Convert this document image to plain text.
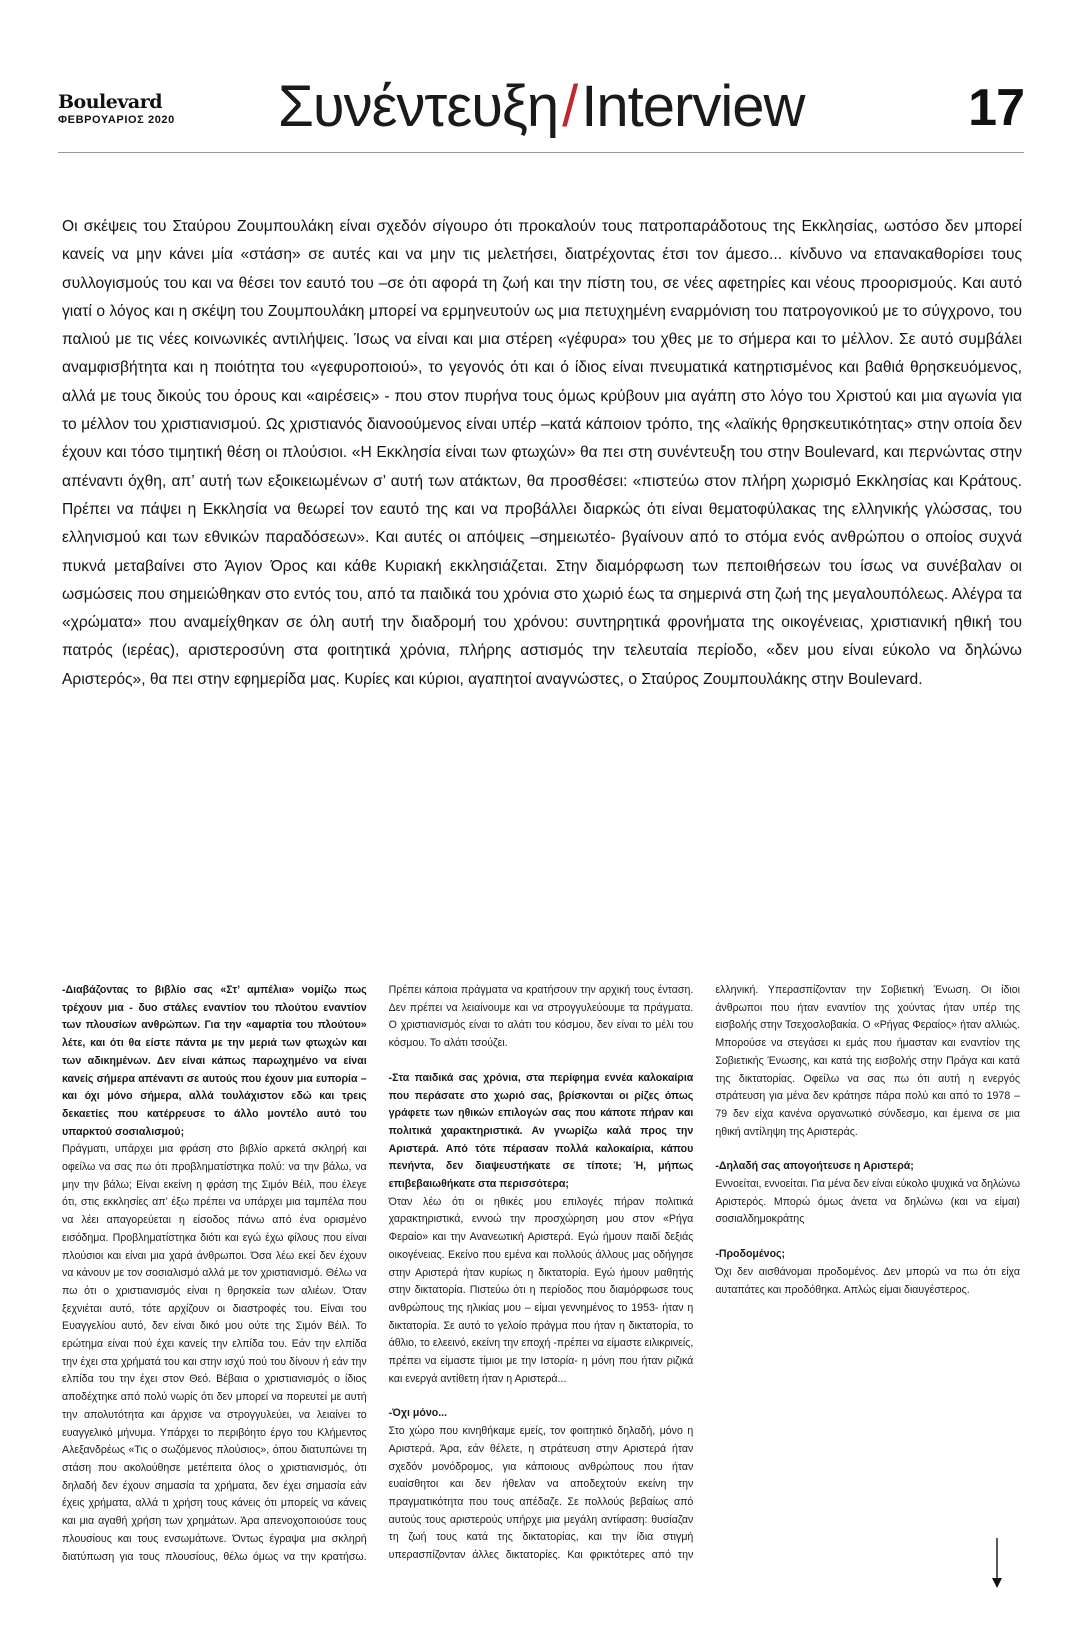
Boulevard
ΦΕΒΡΟΥΑΡΙΟΣ 2020	Συνέντευξη/Interview	17

Οι σκέψεις του Σταύρου Ζουμπουλάκη είναι σχεδόν σίγουρο ότι προκαλούν τους πατροπαράδοτους της Εκκλησίας, ωστόσο δεν μπορεί κανείς να μην κάνει μία «στάση» σε αυτές και να μην τις μελετήσει, διατρέχοντας έτσι τον άμεσο... κίνδυνο να επανακαθορίσει τους συλλογισμούς του και να θέσει τον εαυτό του –σε ότι αφορά τη ζωή και την πίστη του, σε νέες αφετηρίες και νέους προορισμούς. Και αυτό γιατί ο λόγος και η σκέψη του Ζουμπουλάκη μπορεί να ερμηνευτούν ως μια πετυχημένη εναρμόνιση του πατρογονικού με το σύγχρονο, του παλιού με τις νέες κοινωνικές αντιλήψεις. Ίσως να είναι και μια στέρεη «γέφυρα» του χθες με το σήμερα και το μέλλον. Σε αυτό συμβάλει αναμφισβήτητα και η ποιότητα του «γεφυροποιού», το γεγονός ότι και ό ίδιος είναι πνευματικά κατηρτισμένος και βαθιά θρησκευόμενος, αλλά με τους δικούς του όρους και «αιρέσεις» - που στον πυρήνα τους όμως κρύβουν μια αγάπη στο λόγο του Χριστού και μια αγωνία για το μέλλον του χριστιανισμού. Ως χριστιανός διανοούμενος είναι υπέρ –κατά κάποιον τρόπο, της «λαϊκής θρησκευτικότητας» στην οποία δεν έχουν και τόσο τιμητική θέση οι πλούσιοι. «Η Εκκλησία είναι των φτωχών» θα πει στη συνέντευξη του στην Boulevard, και περνώντας στην απέναντι όχθη, απ’ αυτή των εξοικειωμένων σ’ αυτή των ατάκτων, θα προσθέσει: «πιστεύω στον πλήρη χωρισμό Εκκλησίας και Κράτους. Πρέπει να πάψει η Εκκλησία να θεωρεί τον εαυτό της και να προβάλλει διαρκώς ότι είναι θεματοφύλακας της ελληνικής γλώσσας, του ελληνισμού και των εθνικών παραδόσεων». Και αυτές οι απόψεις –σημειωτέο- βγαίνουν από το στόμα ενός ανθρώπου ο οποίος συχνά πυκνά μεταβαίνει στο Άγιον Όρος και κάθε Κυριακή εκκλησιάζεται. Στην διαμόρφωση των πεποιθήσεων του ίσως να συνέβαλαν οι ωσμώσεις που σημειώθηκαν στο εντός του, από τα παιδικά του χρόνια στο χωριό έως τα σημερινά στη ζωή της μεγαλουπόλεως. Αλέγρα τα «χρώματα» που αναμείχθηκαν σε όλη αυτή την διαδρομή του χρόνου: συντηρητικά φρονήματα της οικογένειας, χριστιανική ηθική του πατρός (ιερέας), αριστεροσύνη στα φοιτητικά χρόνια, πλήρης αστισμός την τελευταία περίοδο, «δεν μου είναι εύκολο να δηλώνω Αριστερός», θα πει στην εφημερίδα μας. Κυρίες και κύριοι, αγαπητοί αναγνώστες, ο Σταύρος Ζουμπουλάκης στην Boulevard.

-Διαβάζοντας το βιβλίο σας «Στ’ αμπέλια» νομίζω πως τρέχουν μια - δυο στάλες εναντίον του πλούτου εναντίον των πλουσίων ανθρώπων. Για την «αμαρτία του πλούτου» λέτε, και ότι θα είστε πάντα με την μεριά των φτωχών και των αδικημένων. Δεν είναι κάπως παρωχημένο να είναι κανείς σήμερα απέναντι σε αυτούς που έχουν μια ευπορία –και όχι μόνο σήμερα, αλλά τουλάχιστον εδώ και τρεις δεκαετίες που κατέρρευσε το άλλο μοντέλο αυτό του υπαρκτού σοσιαλισμού;

Πράγματι, υπάρχει μια φράση στο βιβλίο αρκετά σκληρή και οφείλω να σας πω ότι προβληματίστηκα πολύ: να την βάλω, να μην την βάλω; Είναι εκείνη η φράση της Σιμόν Βέιλ, που έλεγε ότι, στις εκκλησίες απ’ έξω πρέπει να υπάρχει μια ταμπέλα που να λέει απαγορεύεται η είσοδος πάνω από ένα ορισμένο εισόδημα. Προβληματίστηκα διότι και εγώ έχω φίλους που είναι πλούσιοι και είναι μια χαρά άνθρωποι. Όσα λέω εκεί δεν έχουν να κάνουν με τον σοσιαλισμό αλλά με τον χριστιανισμό. Θέλω να πω ότι ο χριστιανισμός είναι η θρησκεία των αλιέων. Όταν ξεχνιέται αυτό, τότε αρχίζουν οι διαστροφές του. Είναι του Ευαγγελίου αυτό, δεν είναι δικό μου ούτε της Σιμόν Βέιλ. Το ερώτημα είναι πού έχει κανείς την ελπίδα του. Εάν την ελπίδα την έχει στα χρήματά του και στην ισχύ πού του δίνουν ή εάν την ελπίδα του την έχει στον Θεό. Βέβαια ο χριστιανισμός ο ίδιος αποδέχτηκε από πολύ νωρίς ότι δεν μπορεί να πορευτεί με αυτή την απολυτότητα και άρχισε να στρογγυλεύει, να λειαίνει το ευαγγελικό μήνυμα. Υπάρχει το περιβόητο έργο του Κλήμεντος Αλεξανδρέως «Τις ο σωζόμενος πλούσιος», όπου διατυπώνει τη στάση που ακολούθησε μετέπειτα όλος ο χριστιανισμός, ότι δηλαδή δεν έχουν σημασία τα χρήματα, δεν έχει σημασία εάν έχεις χρήματα, αλλά τι χρήση τους κάνεις ότι μπορείς να κάνεις και μια αγαθή χρήση των χρημάτων. Άρα απενοχοποιούσε τους πλουσίους και τους ενσωμάτωνε. Όντως έγραψα μια σκληρή διατύπωση για τους πλουσίους, θέλω όμως να την κρατήσω. Πρέπει κάποια πράγματα να κρατήσουν την αρχική τους ένταση. Δεν πρέπει να λειαίνουμε και να στρογγυλεύουμε τα πράγματα. Ο χριστιανισμός είναι το αλάτι του κόσμου, δεν είναι το μέλι του κόσμου. Το αλάτι τσούζει.

-Στα παιδικά σας χρόνια, στα περίφημα εννέα καλοκαίρια που περάσατε στο χωριό σας, βρίσκονται οι ρίζες όπως γράφετε των ηθικών επιλογών σας που κάποτε πήραν και πολιτικά χαρακτηριστικά. Αν γνωρίζω καλά προς την Αριστερά. Από τότε πέρασαν πολλά καλοκαίρια, κάπου πενήντα, δεν διαψευστήκατε σε τίποτε; Ή, μήπως επιβεβαιωθήκατε στα περισσότερα;

Όταν λέω ότι οι ηθικές μου επιλογές πήραν πολιτικά χαρακτηριστικά, εννοώ την προσχώρηση μου στον «Ρήγα Φεραίο» και την Ανανεωτική Αριστερά. Εγώ ήμουν παιδί δεξιάς οικογένειας. Εκείνο που εμένα και πολλούς άλλους μας οδήγησε στην Αριστερά ήταν κυρίως η δικτατορία. Εγώ ήμουν μαθητής στην δικτατορία. Πιστεύω ότι η περίοδος που διαμόρφωσε τους ανθρώπους της ηλικίας μου – είμαι γεννημένος το 1953- ήταν η δικτατορία. Σε αυτό το γελοίο πράγμα που ήταν η δικτατορία, το άθλιο, το ελεεινό, εκείνη την εποχή -πρέπει να είμαστε ειλικρινείς, πρέπει να είμαστε τίμιοι με την Ιστορία- η μόνη που ήταν ριζικά και ενεργά αντίθετη ήταν η Αριστερά...

-Όχι μόνο...

Στο χώρο που κινηθήκαμε εμείς, τον φοιτητικό δηλαδή, μόνο η Αριστερά. Άρα, εάν θέλετε, η στράτευση στην Αριστερά ήταν σχεδόν μονόδρομος, για κάποιους ανθρώπους που ήταν ευαίσθητοι και δεν ήθελαν να αποδεχτούν εκείνη την πραγματικότητα που τους απέδαζε. Σε πολλούς βεβαίως από αυτούς τους αριστερούς υπήρχε μια μεγάλη αντίφαση: θυσίαζαν τη ζωή τους κατά της δικτατορίας, και την ίδια στιγμή υπερασπίζονταν άλλες δικτατορίες. Και φρικτότερες από την ελληνική. Υπερασπίζονταν την Σοβιετική Ένωση. Οι ίδιοι άνθρωποι που ήταν εναντίον της χούντας ήταν υπέρ της εισβολής στην Τσεχοσλοβακία. Ο «Ρήγας Φεραίος» ήταν αλλιώς. Μπορούσε να στεγάσει κι εμάς που ήμασταν και εναντίον της Σοβιετικής Ένωσης, και κατά της εισβολής στην Πράγα και κατά της δικτατορίας. Οφείλω να σας πω ότι αυτή η ενεργός στράτευση για μένα δεν κράτησε πάρα πολύ και από το 1978 – 79 δεν είχα κανένα οργανωτικό σύνδεσμο, και έμεινα σε μια ηθική αντίληψη της Αριστεράς.

-Δηλαδή σας απογοήτευσε η Αριστερά;

Εννοείται, εννοείται. Για μένα δεν είναι εύκολο ψυχικά να δηλώνω Αριστερός. Μπορώ όμως άνετα να δηλώνω (και να είμαι) σοσιαλδημοκράτης

-Προδομένος;

Όχι δεν αισθάνομαι προδομένος. Δεν μπορώ να πω ότι είχα αυταπάτες και προδόθηκα. Απλώς είμαι διαυγέστερος.
